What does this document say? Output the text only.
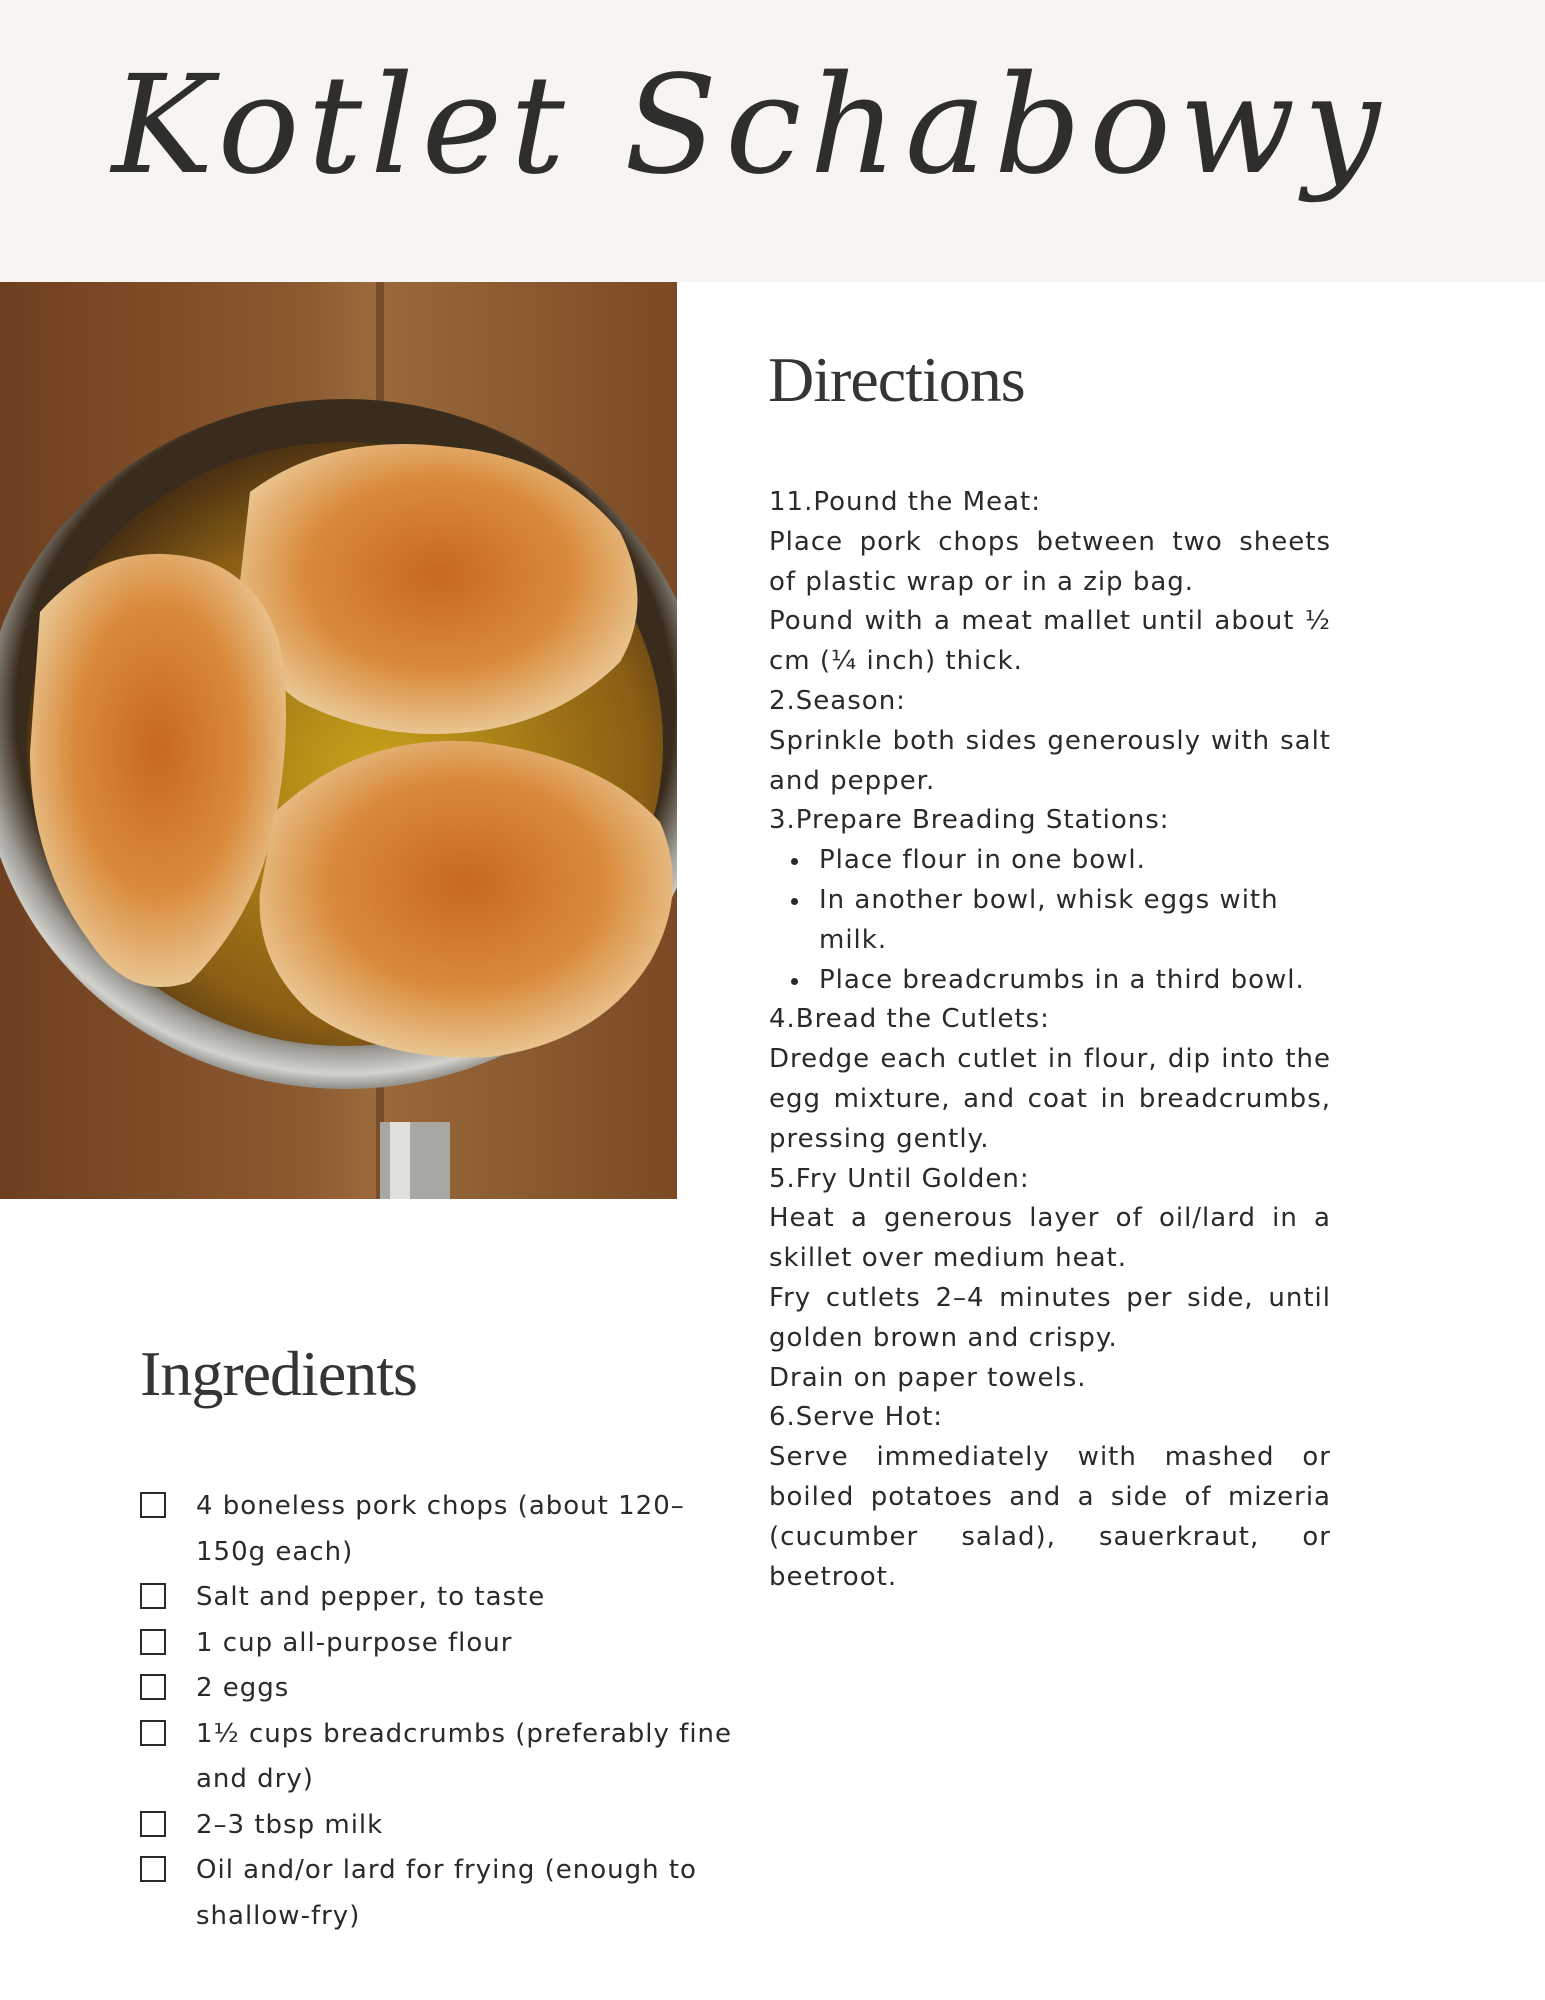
Kotlet Schabowy
Directions
11.Pound the Meat:
Place pork chops between two sheets of plastic wrap or in a zip bag.
Pound with a meat mallet until about ½ cm (¼ inch) thick.
2.Season:
Sprinkle both sides generously with salt and pepper.
3.Prepare Breading Stations:
Place flour in one bowl.
In another bowl, whisk eggs with milk.
Place breadcrumbs in a third bowl.
4.Bread the Cutlets:
Dredge each cutlet in flour, dip into the egg mixture, and coat in breadcrumbs, pressing gently.
5.Fry Until Golden:
Heat a generous layer of oil/lard in a skillet over medium heat.
Fry cutlets 2–4 minutes per side, until golden brown and crispy.
Drain on paper towels.
6.Serve Hot:
Serve immediately with mashed or boiled potatoes and a side of mizeria (cucumber salad), sauerkraut, or beetroot.
Ingredients
4 boneless pork chops (about 120–150g each)
Salt and pepper, to taste
1 cup all-purpose flour
2 eggs
1½ cups breadcrumbs (preferably fine and dry)
2–3 tbsp milk
Oil and/or lard for frying (enough to shallow-fry)
